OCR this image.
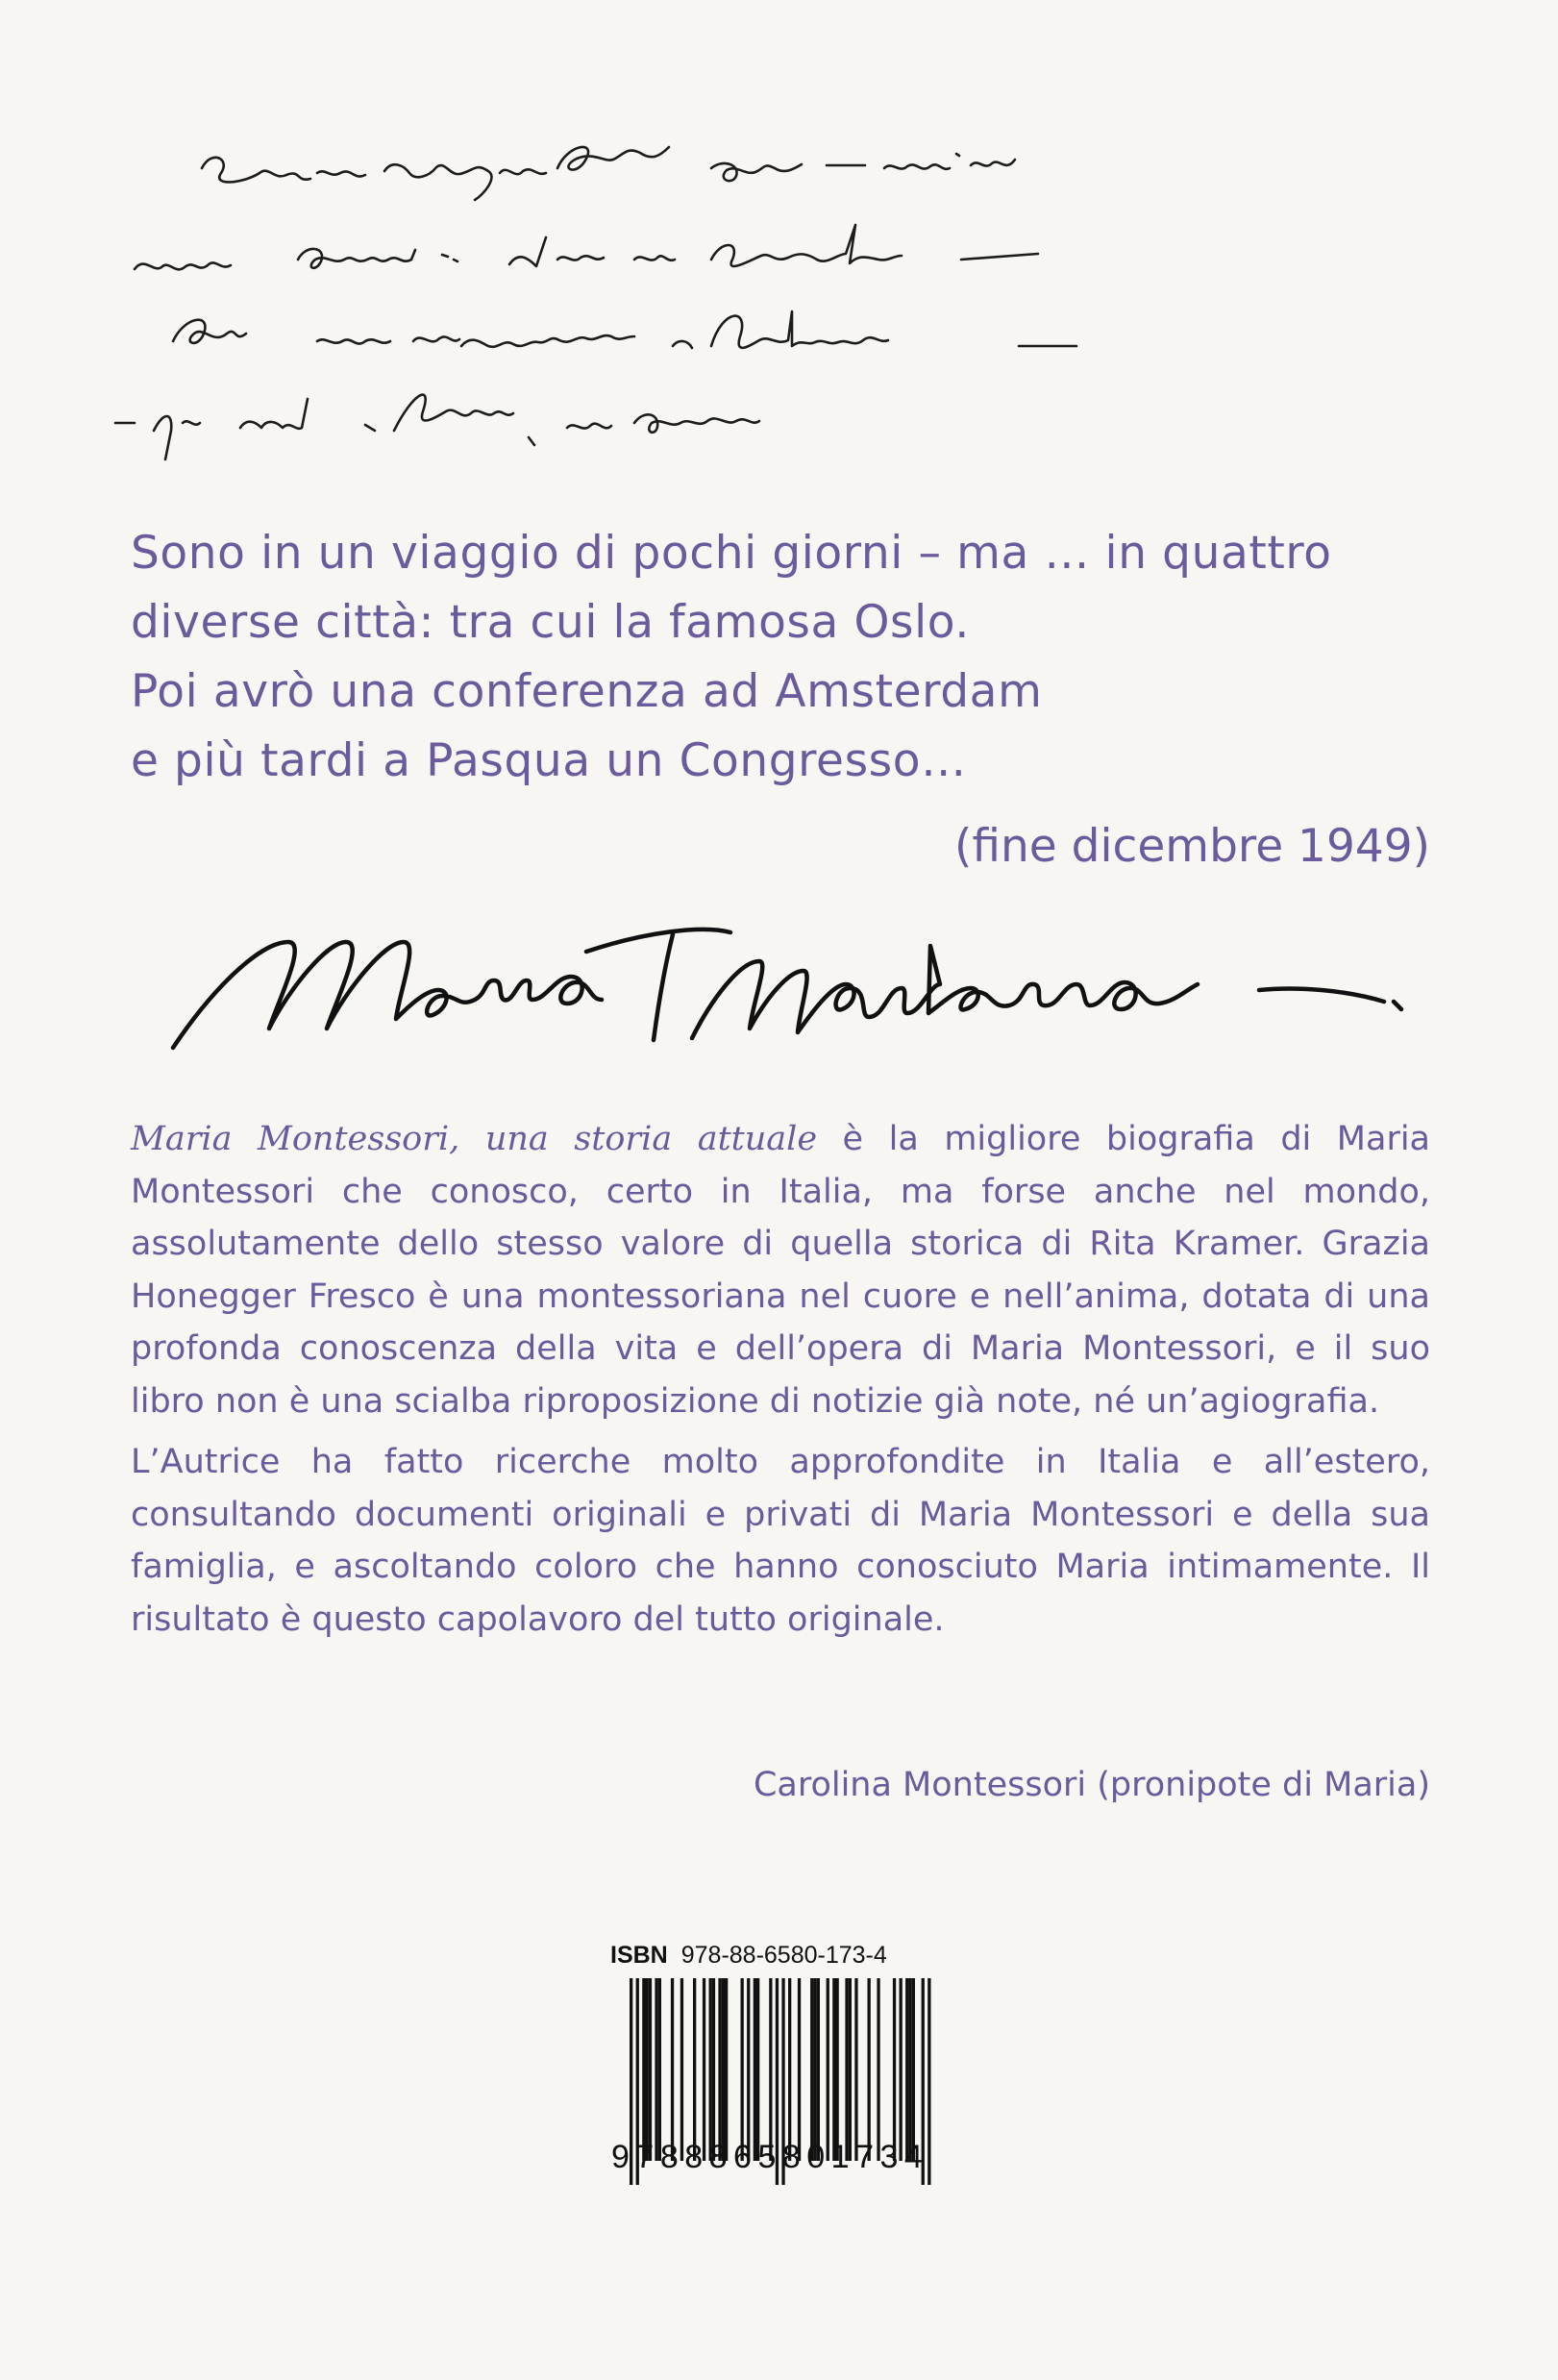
Sono in un viaggio di pochi giorni – ma … in quattro
diverse città: tra cui la famosa Oslo.
Poi avrò una conferenza ad Amsterdam
e più tardi a Pasqua un Congresso…
(fine dicembre 1949)

Maria Montessori, una storia attuale è la migliore biografia di Maria Montessori che conosco, certo in Italia, ma forse anche nel mondo, assolutamente dello stesso valore di quella storica di Rita Kramer. Grazia Honegger Fresco è una montessoriana nel cuore e nell’anima, dotata di una profonda conoscenza della vita e dell’opera di Maria Montessori, e il suo libro non è una scialba riproposizione di notizie già note, né un’agiografia.

L’Autrice ha fatto ricerche molto approfondite in Italia e all’estero, consultando documenti originali e privati di Maria Montessori e della sua famiglia, e ascoltando coloro che hanno conosciuto Maria intimamente. Il risultato è questo capolavoro del tutto originale.

Carolina Montessori (pronipote di Maria)
ISBN 978-88-6580-173-4
9788865801734
